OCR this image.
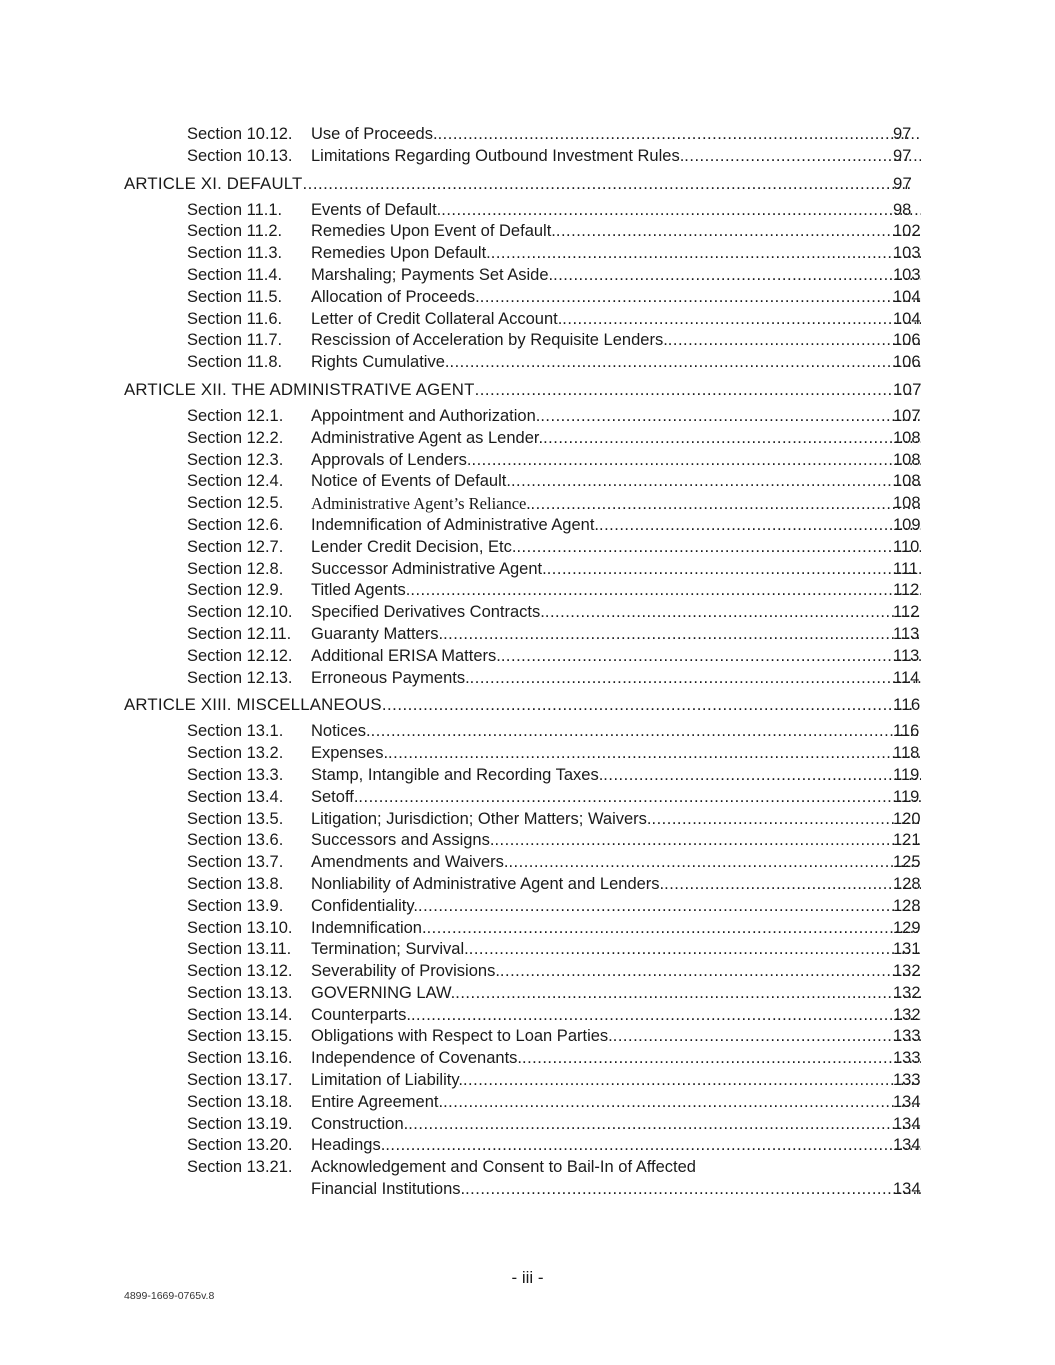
Section 10.12. Use of Proceeds. .....	97
Section 10.13. Limitations Regarding Outbound Investment Rules. .....	97
ARTICLE XI. DEFAULT .....	97
Section 11.1. Events of Default. .....	98
Section 11.2. Remedies Upon Event of Default. .....	102
Section 11.3. Remedies Upon Default. .....	103
Section 11.4. Marshaling; Payments Set Aside. .....	103
Section 11.5. Allocation of Proceeds. .....	104
Section 11.6. Letter of Credit Collateral Account. .....	104
Section 11.7. Rescission of Acceleration by Requisite Lenders. .....	106
Section 11.8. Rights Cumulative. .....	106
ARTICLE XII. THE ADMINISTRATIVE AGENT .....	107
Section 12.1. Appointment and Authorization. .....	107
Section 12.2. Administrative Agent as Lender. .....	108
Section 12.3. Approvals of Lenders. .....	108
Section 12.4. Notice of Events of Default. .....	108
Section 12.5. Administrative Agent’s Reliance. .....	108
Section 12.6. Indemnification of Administrative Agent. .....	109
Section 12.7. Lender Credit Decision, Etc. .....	110
Section 12.8. Successor Administrative Agent. .....	111
Section 12.9. Titled Agents. .....	112
Section 12.10. Specified Derivatives Contracts. .....	112
Section 12.11. Guaranty Matters. .....	113
Section 12.12. Additional ERISA Matters. .....	113
Section 12.13. Erroneous Payments. .....	114
ARTICLE XIII. MISCELLANEOUS .....	116
Section 13.1. Notices. .....	116
Section 13.2. Expenses. .....	118
Section 13.3. Stamp, Intangible and Recording Taxes. .....	119
Section 13.4. Setoff. .....	119
Section 13.5. Litigation; Jurisdiction; Other Matters; Waivers. .....	120
Section 13.6. Successors and Assigns. .....	121
Section 13.7. Amendments and Waivers. .....	125
Section 13.8. Nonliability of Administrative Agent and Lenders. .....	128
Section 13.9. Confidentiality. .....	128
Section 13.10. Indemnification. .....	129
Section 13.11. Termination; Survival. .....	131
Section 13.12. Severability of Provisions. .....	132
Section 13.13. GOVERNING LAW. .....	132
Section 13.14. Counterparts. .....	132
Section 13.15. Obligations with Respect to Loan Parties. .....	133
Section 13.16. Independence of Covenants. .....	133
Section 13.17. Limitation of Liability. .....	133
Section 13.18. Entire Agreement. .....	134
Section 13.19. Construction. .....	134
Section 13.20. Headings. .....	134
Section 13.21. Acknowledgement and Consent to Bail-In of Affected
Financial Institutions. .....	134
- iii -
4899-1669-0765v.8
